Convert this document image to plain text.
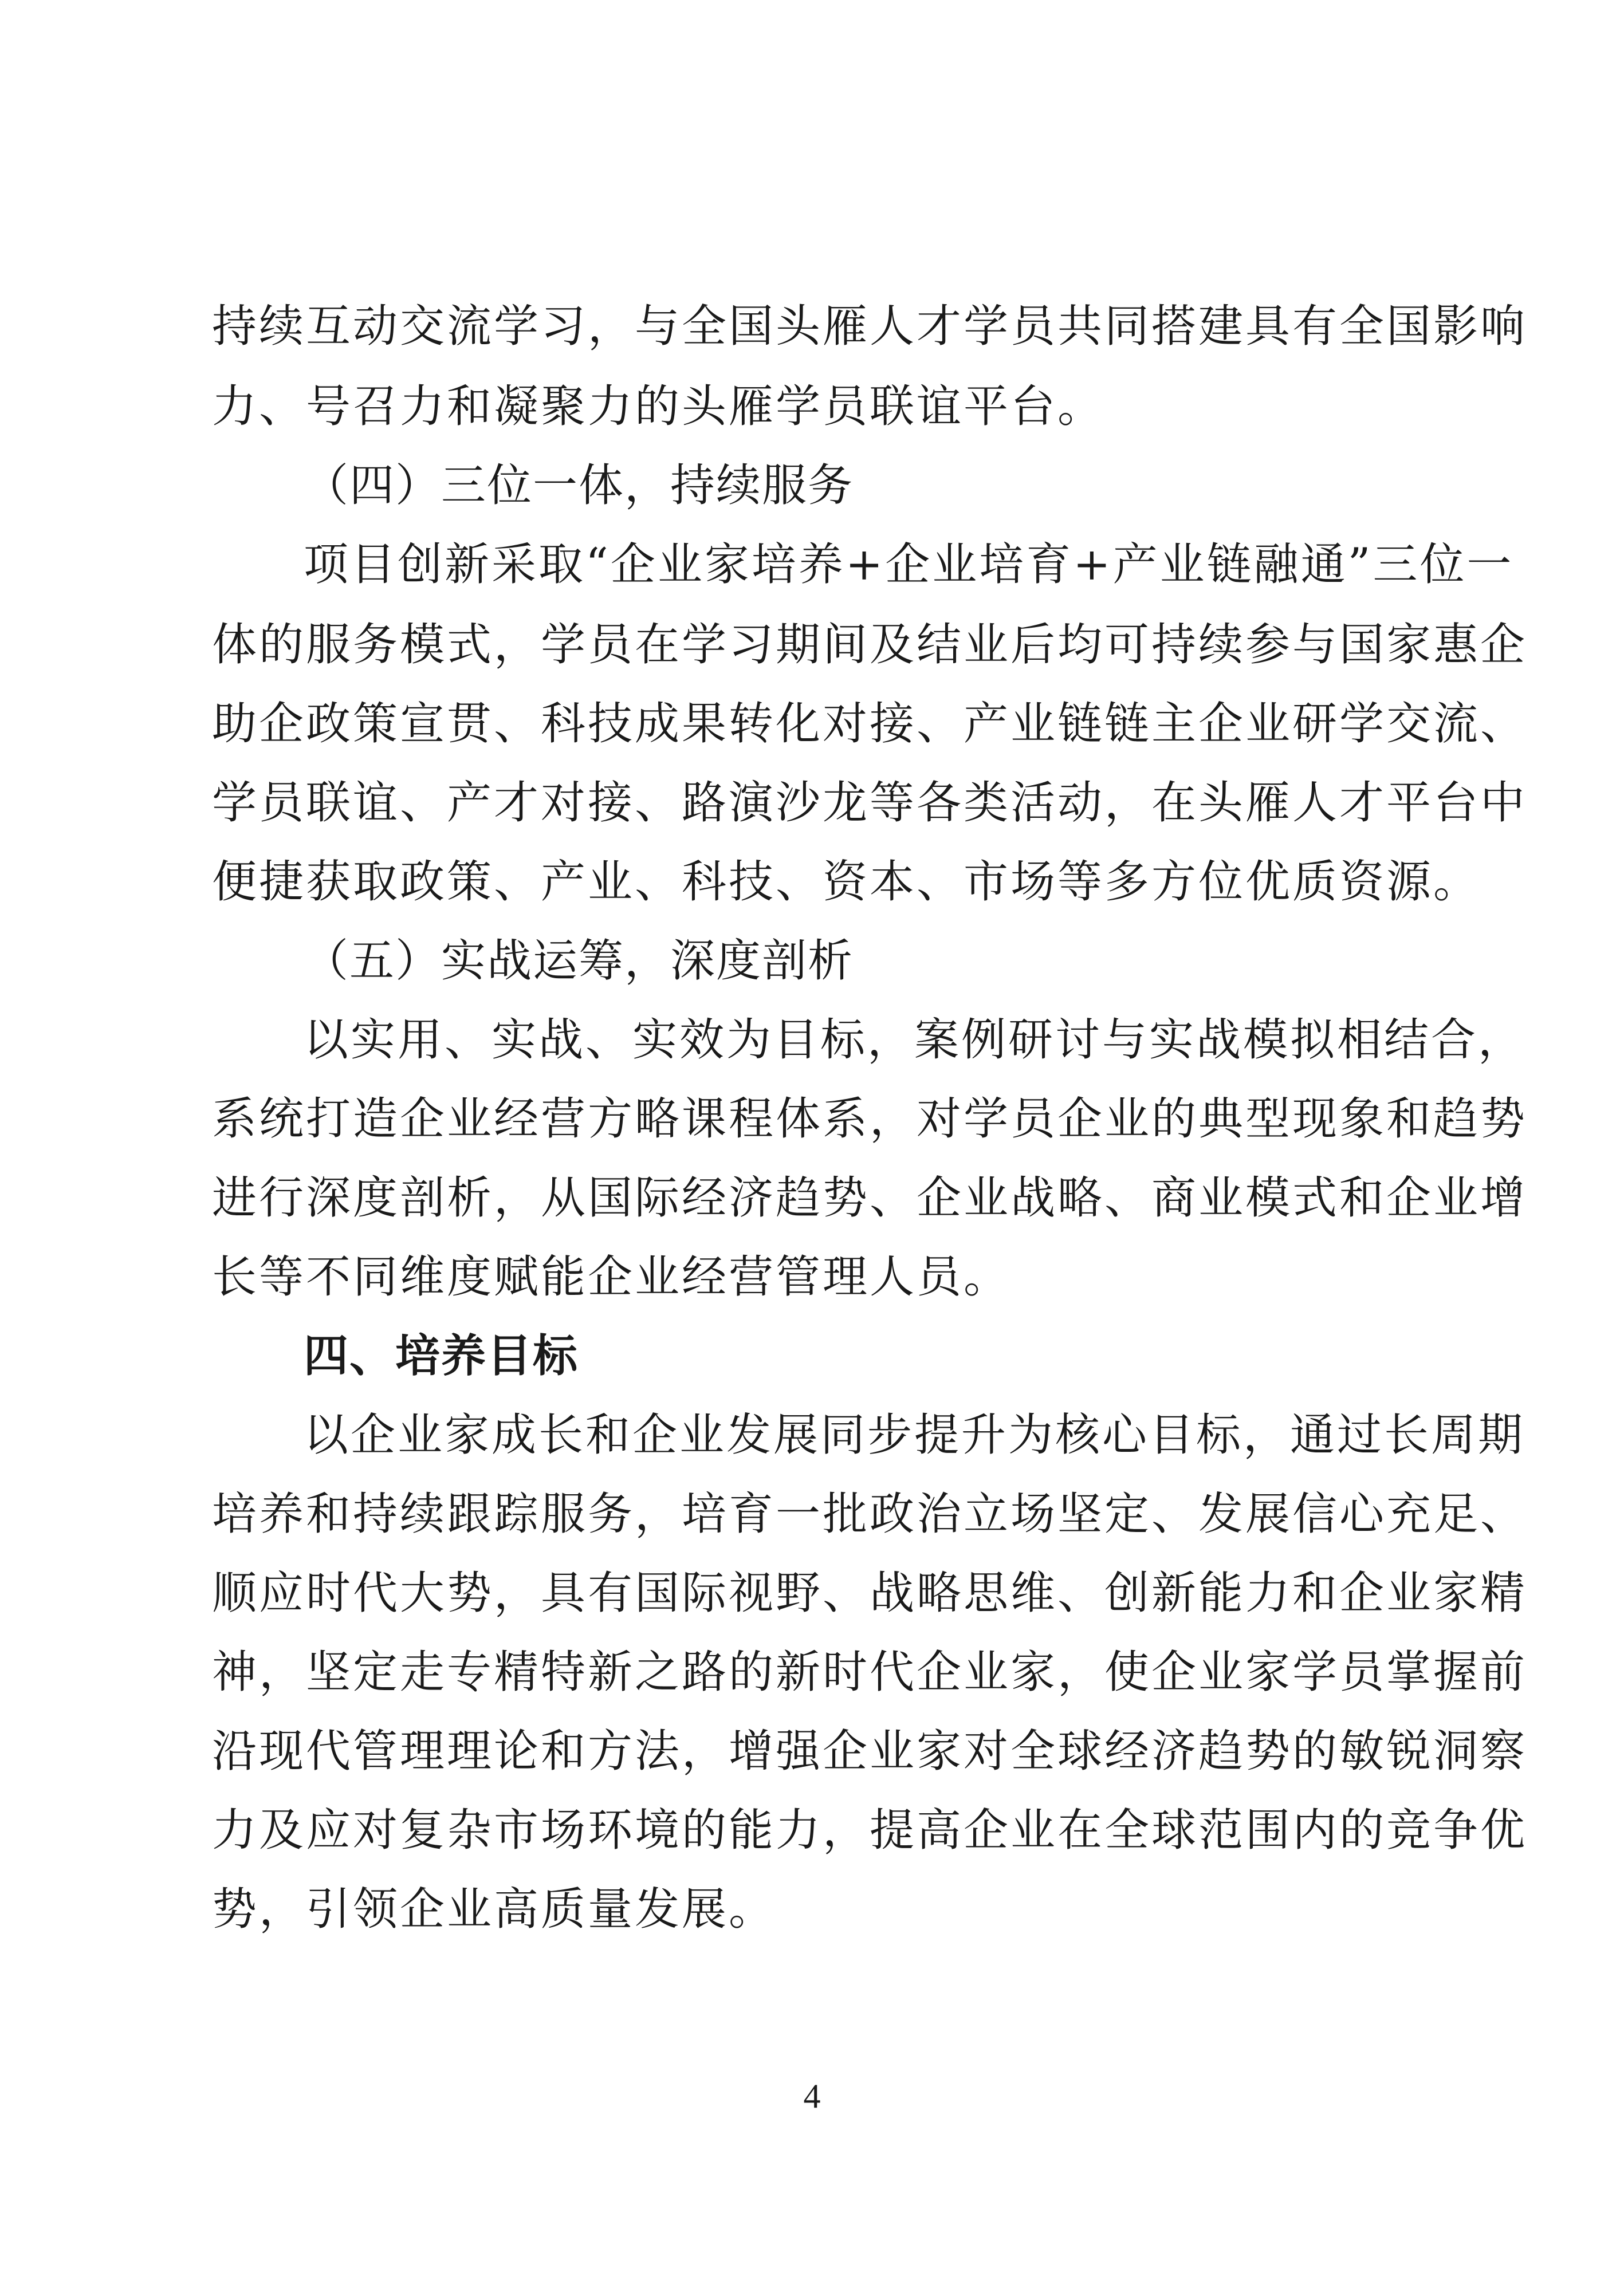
持续互动交流学习，与全国头雁人才学员共同搭建具有全国影响
力、号召力和凝聚力的头雁学员联谊平台。
（四）三位一体，持续服务
项目创新采取“企业家培养+企业培育+产业链融通”三位一
体的服务模式，学员在学习期间及结业后均可持续参与国家惠企
助企政策宣贯、科技成果转化对接、产业链链主企业研学交流、
学员联谊、产才对接、路演沙龙等各类活动，在头雁人才平台中
便捷获取政策、产业、科技、资本、市场等多方位优质资源。
（五）实战运筹，深度剖析
以实用、实战、实效为目标，案例研讨与实战模拟相结合，
系统打造企业经营方略课程体系，对学员企业的典型现象和趋势
进行深度剖析，从国际经济趋势、企业战略、商业模式和企业增
长等不同维度赋能企业经营管理人员。
四、培养目标
以企业家成长和企业发展同步提升为核心目标，通过长周期
培养和持续跟踪服务，培育一批政治立场坚定、发展信心充足、
顺应时代大势，具有国际视野、战略思维、创新能力和企业家精
神，坚定走专精特新之路的新时代企业家，使企业家学员掌握前
沿现代管理理论和方法，增强企业家对全球经济趋势的敏锐洞察
力及应对复杂市场环境的能力，提高企业在全球范围内的竞争优
势，引领企业高质量发展。
4
